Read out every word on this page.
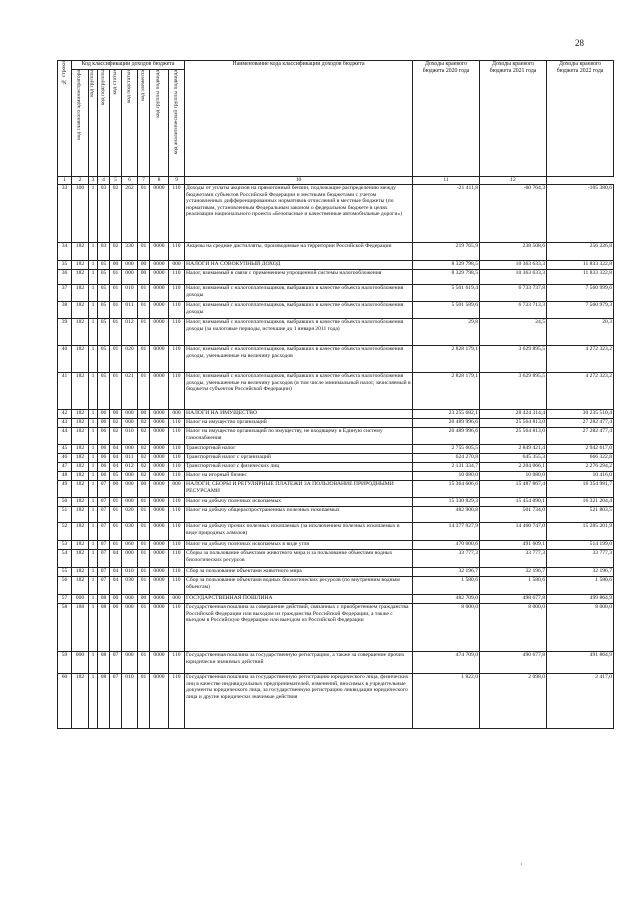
28
№ строки	Код классификации доходов бюджета								Наименование кода классификации доходов бюджета	Доходы краевого бюджета 2020 года	Доходы краевого бюджета 2021 года	Доходы краевого бюджета 2022 года

	код главного администратора	код группы	код подгруппы	код статьи	код подстатьи	код элемента	код группы подвида	код аналитической группы подвида				

1	2	3	4	5	6	7	8	9	10	11	12	
33	100	1	03	02	262	01	0000	110	Доходы от уплаты акцизов на прямогонный бензин, подлежащие распределению между бюджетами субъектов Российской Федерации и местными бюджетами с учетом установленных дифференцированных нормативов отчислений в местные бюджеты (по нормативам, установленным Федеральным законом о федеральном бюджете в целях реализации национального проекта «Безопасные и качественные автомобильные дороги»)	-21 411,8	-60 764,3	-105 380,6
34	182	1	03	02	330	01	0000	110	Акцизы на средние дистилляты, производимые на территории Российской Федерации	219 765,9	238 508,6	256 226,8
35	182	1	05	00	000	00	0000	000	НАЛОГИ НА СОВОКУПНЫЙ ДОХОД	8 329 798,5	10 363 633,3	11 833 322,8
36	182	1	05	01	000	00	0000	110	Налог, взимаемый в связи с применением упрощенной системы налогообложения	8 329 798,5	10 363 633,3	11 833 322,8
37	182	1	05	01	010	01	0000	110	Налог, взимаемый с налогоплательщиков, выбравших в качестве объекта налогообложения доходы	5 501 619,4	6 733 737,8	7 560 999,6
38	182	1	05	01	011	01	0000	110	Налог, взимаемый с налогоплательщиков, выбравших в качестве объекта налогообложения доходы	5 501 589,6	6 733 713,3	7 560 979,3
39	182	1	05	01	012	01	0000	110	Налог, взимаемый с налогоплательщиков, выбравших в качестве объекта налогообложения доходы (за налоговые периоды, истекшие до 1 января 2011 года)	29,8	24,5	20,3
40	182	1	05	01	020	01	0000	110	Налог, взимаемый с налогоплательщиков, выбравших в качестве объекта налогообложения доходы, уменьшенные на величину расходов	2 828 179,1	3 629 895,5	4 272 323,2
41	182	1	05	01	021	01	0000	110	Налог, взимаемый с налогоплательщиков, выбравших в качестве объекта налогообложения доходы, уменьшенные на величину расходов (в том числе минимальный налог, зачисляемый в бюджеты субъектов Российской Федерации)	2 828 179,1	3 629 895,5	4 272 323,2
42	182	1	06	00	000	00	0000	000	НАЛОГИ НА ИМУЩЕСТВО	23 255 682,1	28 424 314,4	30 235 510,4
43	182	1	06	02	000	02	0000	110	Налог на имущество организаций	20 489 996,6	25 564 813,0	27 282 477,4
44	182	1	06	02	010	02	0000	110	Налог на имущество организаций по имуществу, не входящему в Единую систему газоснабжения	20 489 996,6	25 564 813,0	27 282 477,4
45	182	1	06	04	000	02	0000	110	Транспортный налог	2 755 605,5	2 849 421,4	2 942 617,0
46	182	1	06	04	011	02	0000	110	Транспортный налог с организаций	624 270,8	645 355,3	666 322,8
47	182	1	06	04	012	02	0000	110	Транспортный налог с физических лиц	2 131 334,7	2 204 066,1	2 276 294,2
48	182	1	06	05	000	02	0000	110	Налог на игорный бизнес	10 080,0	10 080,0	10 416,0
49	182	1	07	00	000	00	0000	000	НАЛОГИ, СБОРЫ И РЕГУЛЯРНЫЕ ПЛАТЕЖИ ЗА ПОЛЬЗОВАНИЕ ПРИРОДНЫМИ РЕСУРСАМИ	15 364 606,6	15 487 867,4	16 354 981,7
50	182	1	07	01	000	01	0000	110	Налог на добычу полезных ископаемых	15 330 829,3	15 454 090,1	16 321 204,4
51	182	1	07	01	020	01	0000	110	Налог на добычу общераспространенных полезных ископаемых	482 900,8	501 734,0	521 803,5
52	182	1	07	01	030	01	0000	110	Налог на добычу прочих полезных ископаемых (за исключением полезных ископаемых в виде природных алмазов)	14 377 927,9	14 460 747,0	15 285 201,9
53	182	1	07	01	060	01	0000	110	Налог на добычу полезных ископаемых в виде угля	470 000,6	491 609,1	514 199,0
54	182	1	07	04	000	01	0000	110	Сборы за пользование объектами животного мира и за пользование объектами водных биологических ресурсов	33 777,3	33 777,3	33 777,3
55	182	1	07	04	010	01	0000	110	Сбор за пользование объектами животного мира	32 196,7	32 196,7	32 196,7
56	182	1	07	04	030	01	0000	110	Сбор за пользование объектами водных биологических ресурсов (по внутренним водным объектам)	1 580,6	1 580,6	1 580,6
57	000	1	08	00	000	00	0000	000	ГОСУДАРСТВЕННАЯ ПОШЛИНА	482 709,0	498 677,8	499 864,9
58	188	1	08	06	000	01	0000	110	Государственная пошлина за совершение действий, связанных с приобретением гражданства Российской Федерации или выходом из гражданства Российской Федерации, а также с въездом в Российскую Федерацию или выездом из Российской Федерации	8 000,0	8 000,0	8 000,0
59	000	1	08	07	000	01	0000	110	Государственная пошлина за государственную регистрацию, а также за совершение прочих юридически значимых действий	474 709,0	490 677,8	491 864,9
60	182	1	08	07	010	01	0000	110	Государственная пошлина за государственную регистрацию юридического лица, физических лиц в качестве индивидуальных предпринимателей, изменений, вносимых в учредительные документы юридического лица, за государственную регистрацию ликвидации юридического лица и другие юридически значимые действия	1 822,0	2 098,0	2 417,0
·
